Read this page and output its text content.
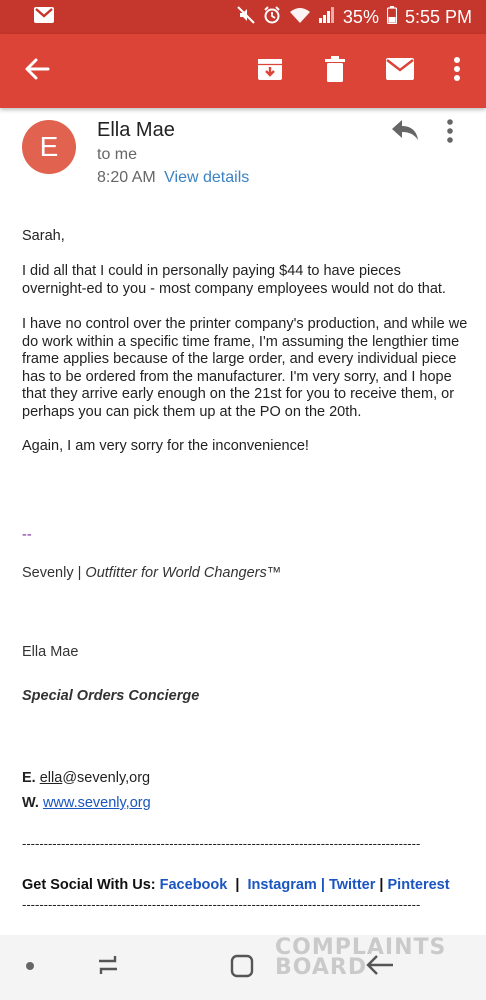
35% 5:55 PM
E
Ella Mae
to me
8:20 AM View details
Sarah,
I did all that I could in personally paying $44 to have pieces overnight-ed to you - most company employees would not do that.
I have no control over the printer company's production, and while we do work within a specific time frame, I'm assuming the lengthier time frame applies because of the large order, and every individual piece has to be ordered from the manufacturer. I'm very sorry, and I hope that they arrive early enough on the 21st for you to receive them, or perhaps you can pick them up at the PO on the 20th.
Again, I am very sorry for the inconvenience!
--
Sevenly | Outfitter for World Changers™
Ella Mae
Special Orders Concierge
E. ella@sevenly,org
W. www.sevenly,org
--------------------------------------------------------------------------------------------
Get Social With Us: Facebook  |  Instagram | Twitter | Pinterest
--------------------------------------------------------------------------------------------
COMPLAINTS
BOARD
